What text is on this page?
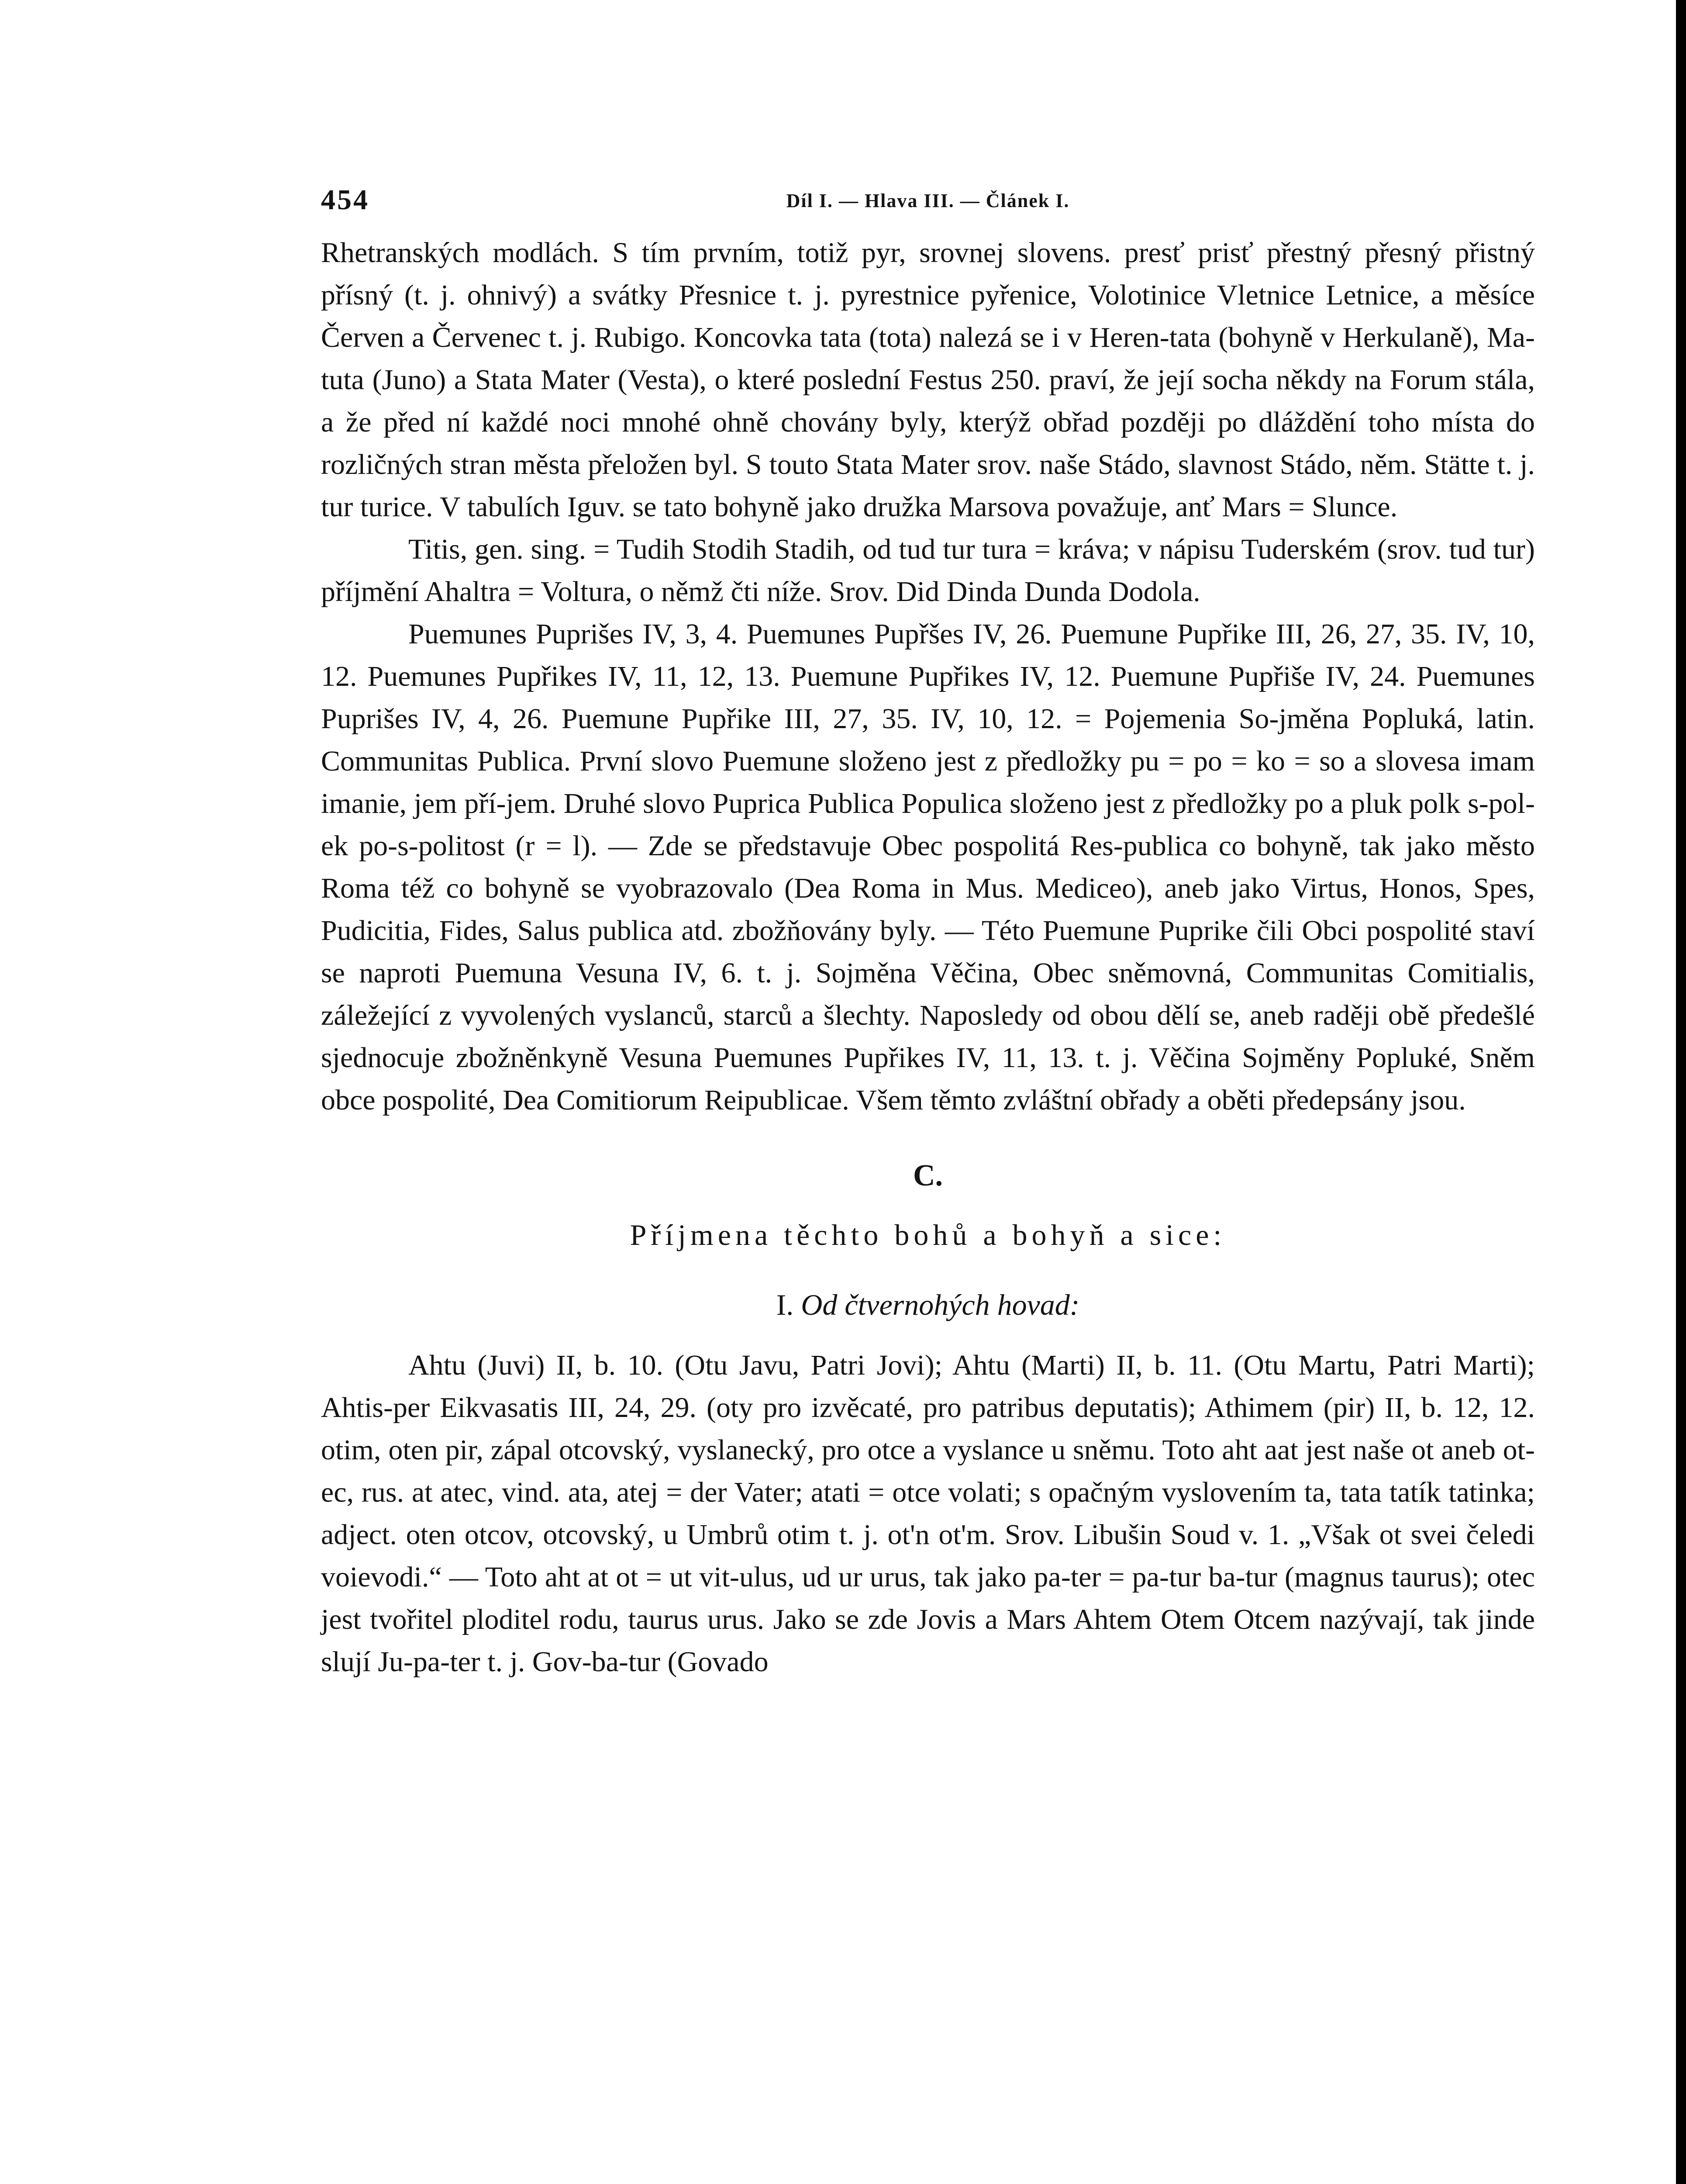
454	Díl I. — Hlava III. — Článek I.

Rhetranských modlách. S tím prvním, totiž pyr, srovnej slovens. presť prisť přestný přesný přistný přísný (t. j. ohnivý) a svátky Přesnice t. j. pyrestnice pyřenice, Volotinice Vletnice Letnice, a měsíce Červen a Červenec t. j. Rubigo. Koncovka tata (tota) nalezá se i v Heren-tata (bohyně v Herkulaně), Ma-tuta (Juno) a Stata Mater (Vesta), o které poslední Festus 250. praví, že její socha někdy na Forum stála, a že před ní každé noci mnohé ohně chovány byly, kterýž obřad později po dláždění toho místa do rozličných stran města přeložen byl. S touto Stata Mater srov. naše Stádo, slavnost Stádo, něm. Stätte t. j. tur turice. V tabulích Iguv. se tato bohyně jako družka Marsova považuje, anť Mars = Slunce.

Titis, gen. sing. = Tudih Stodih Stadih, od tud tur tura = kráva; v nápisu Tuderském (srov. tud tur) příjmění Ahaltra = Voltura, o němž čti níže. Srov. Did Dinda Dunda Dodola.

Puemunes Puprišes IV, 3, 4. Puemunes Pupřšes IV, 26. Puemune Pupřike III, 26, 27, 35. IV, 10, 12. Puemunes Pupřikes IV, 11, 12, 13. Puemune Pupřikes IV, 12. Puemune Pupřiše IV, 24. Puemunes Puprišes IV, 4, 26. Puemune Pupřike III, 27, 35. IV, 10, 12. = Pojemenia So-jměna Popluká, latin. Communitas Publica. První slovo Puemune složeno jest z předložky pu = po = ko = so a slovesa imam imanie, jem pří-jem. Druhé slovo Puprica Publica Populica složeno jest z předložky po a pluk polk s-pol-ek po-s-politost (r = l). — Zde se představuje Obec pospolitá Res-publica co bohyně, tak jako město Roma též co bohyně se vyobrazovalo (Dea Roma in Mus. Mediceo), aneb jako Virtus, Honos, Spes, Pudicitia, Fides, Salus publica atd. zbožňovány byly. — Této Puemune Puprike čili Obci pospolité staví se naproti Puemuna Vesuna IV, 6. t. j. Sojměna Věčina, Obec sněmovná, Communitas Comitialis, záležející z vyvolených vyslanců, starců a šlechty. Naposledy od obou dělí se, aneb raději obě předešlé sjednocuje zbožněnkyně Vesuna Puemunes Pupřikes IV, 11, 13. t. j. Věčina Sojměny Popluké, Sněm obce pospolité, Dea Comitiorum Reipublicae. Všem těmto zvláštní obřady a oběti předepsány jsou.

C.
Příjmena těchto bohů a bohyň a sice:
I. Od čtvernohých hovad:

Ahtu (Juvi) II, b. 10. (Otu Javu, Patri Jovi); Ahtu (Marti) II, b. 11. (Otu Martu, Patri Marti); Ahtis-per Eikvasatis III, 24, 29. (oty pro izvěcaté, pro patribus deputatis); Athimem (pir) II, b. 12, 12. otim, oten pir, zápal otcovský, vyslanecký, pro otce a vyslance u sněmu. Toto aht aat jest naše ot aneb ot-ec, rus. at atec, vind. ata, atej = der Vater; atati = otce volati; s opačným vyslovením ta, tata tatík tatinka; adject. oten otcov, otcovský, u Umbrů otim t. j. ot'n ot'm. Srov. Libušin Soud v. 1. „Však ot svei čeledi voievodi.“ — Toto aht at ot = ut vit-ulus, ud ur urus, tak jako pa-ter = pa-tur ba-tur (magnus taurus); otec jest tvořitel ploditel rodu, taurus urus. Jako se zde Jovis a Mars Ahtem Otem Otcem nazývají, tak jinde slují Ju-pa-ter t. j. Gov-ba-tur (Govado
